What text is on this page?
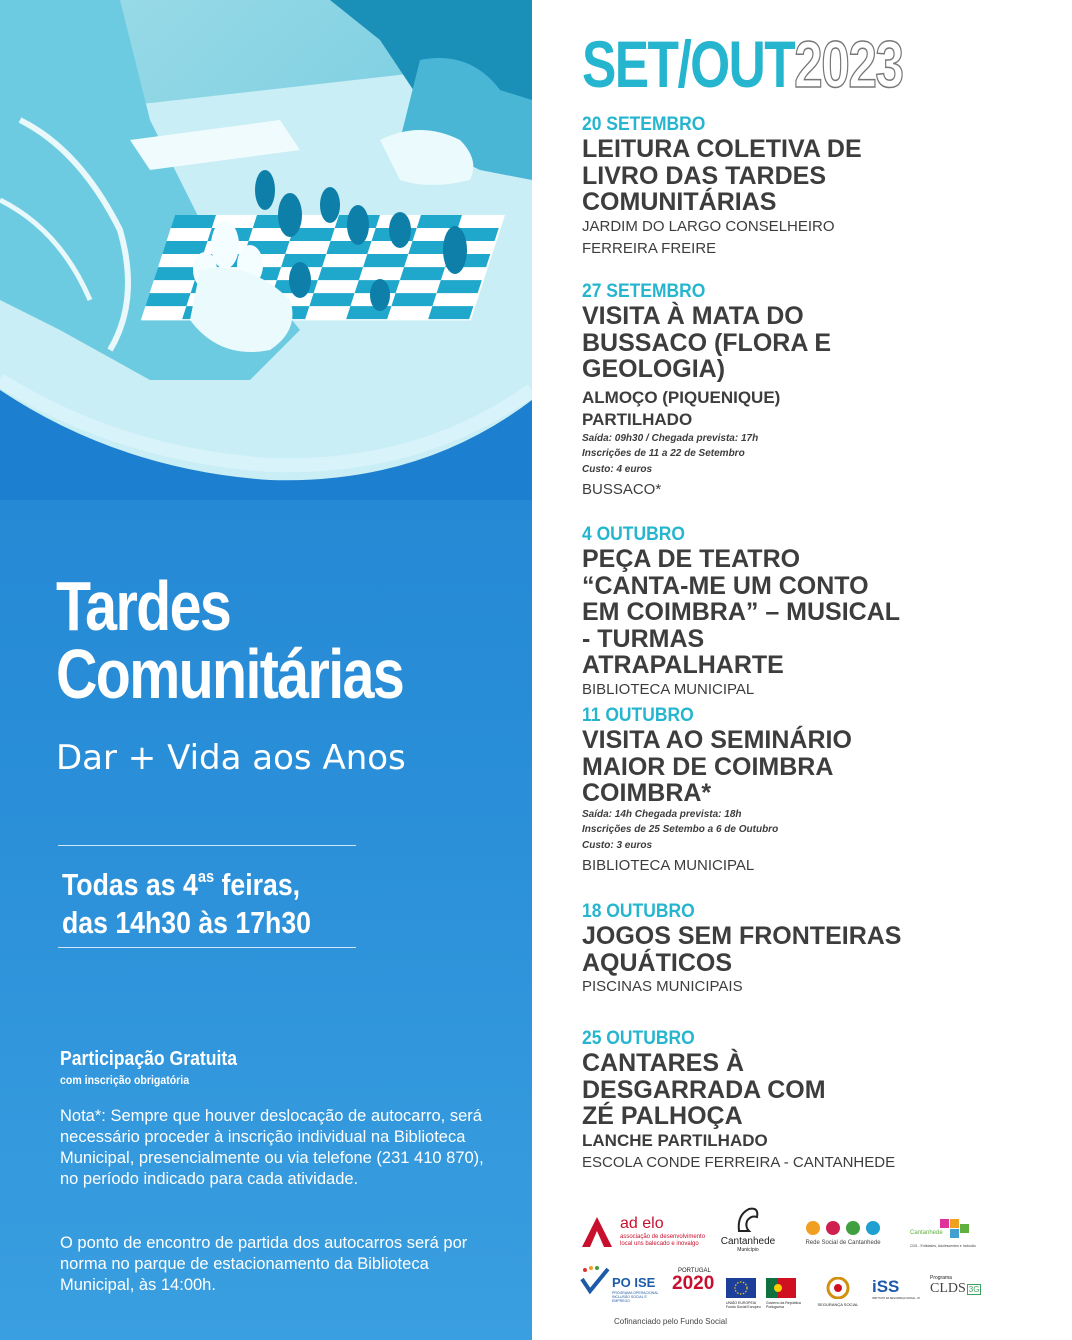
Tardes
Comunitárias
Dar + Vida aos Anos
Todas as $4^{as}$ feiras,
das 14h30 às 17h30
Participação Gratuita
com inscrição obrigatória
Nota*: Sempre que houver deslocação de autocarro, será necessário proceder à inscrição individual na Biblioteca Municipal, presencialmente ou via telefone (231 410 870), no período indicado para cada atividade.
O ponto de encontro de partida dos autocarros será por norma no parque de estacionamento da Biblioteca Municipal, às 14:00h.
SET/OUT2023
20 SETEMBRO
LEITURA COLETIVA DE LIVRO DAS TARDES COMUNITÁRIAS
JARDIM DO LARGO CONSELHEIRO
FERREIRA FREIRE
27 SETEMBRO
VISITA À MATA DO BUSSACO (FLORA E GEOLOGIA)
ALMOÇO (PIQUENIQUE) PARTILHADO
Saída: 09h30 / Chegada prevista: 17h
Inscrições de 11 a 22 de Setembro
Custo: 4 euros
BUSSACO*
4 OUTUBRO
PEÇA DE TEATRO “CANTA-ME UM CONTO EM COIMBRA” – MUSICAL - TURMAS ATRAPALHARTE
BIBLIOTECA MUNICIPAL
11 OUTUBRO
VISITA AO SEMINÁRIO MAIOR DE COIMBRA COIMBRA*
Saída: 14h Chegada prevista: 18h
Inscrições de 25 Setembo a 6 de Outubro
Custo: 3 euros
BIBLIOTECA MUNICIPAL
18 OUTUBRO
JOGOS SEM FRONTEIRAS AQUÁTICOS
PISCINAS MUNICIPAIS
25 OUTUBRO
CANTARES À DESGARRADA COM ZÉ PALHOÇA
LANCHE PARTILHADO
ESCOLA CONDE FERREIRA - CANTANHEDE
ad elo
associação de desenvolvimento
local uns balecado e inovalgo Cantanhede
Município
Rede Social de Cantanhede
Cantanhede
CDS - Entidades, Adolescentes e Inclusão
PO ISE
PROGRAMA OPERACIONAL INCLUSÃO SOCIAL E EMPREGO
PORTUGAL
2020
UNIÃO EUROPEIA
Fundo Social Europeu
Governo da República Portuguesa	SEGURANÇA SOCIAL
iSS
INSTITUTO DA SEGURANÇA SOCIAL, I.P.
Programa
CLDS 3G
Cofinanciado pelo Fundo Social
